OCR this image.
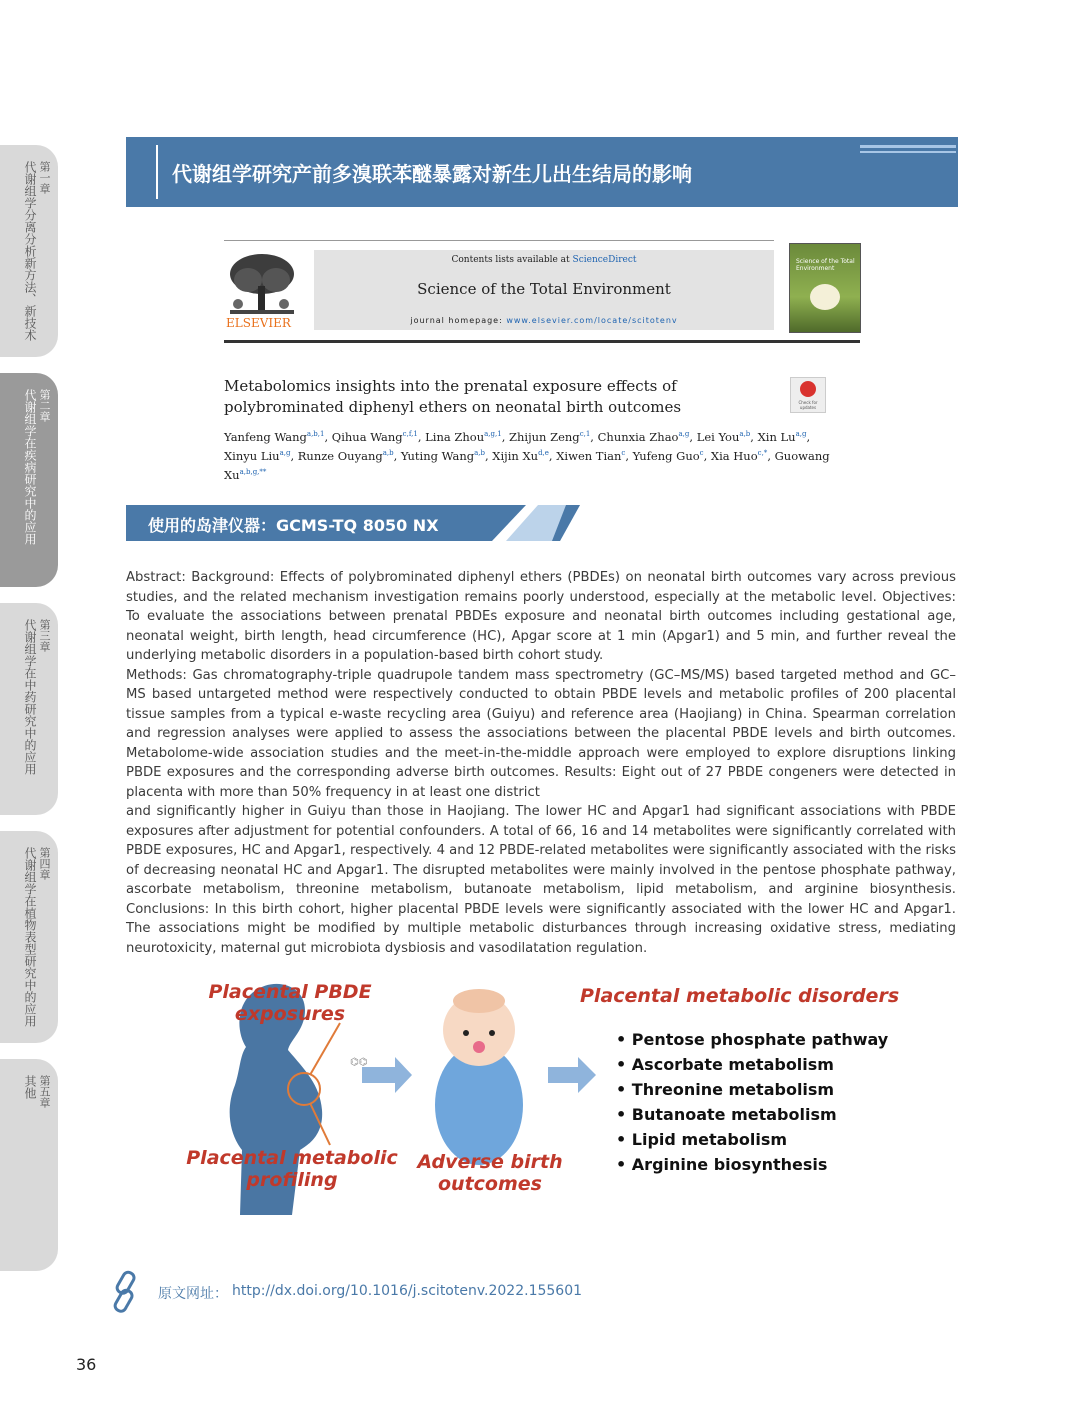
第一章
代谢组学分离分析新方法、新技术
第二章
代谢组学在疾病研究中的应用
第三章
代谢组学在中药研究中的应用
第四章
代谢组学在植物表型研究中的应用
第五章
其他
代谢组学研究产前多溴联苯醚暴露对新生儿出生结局的影响
ELSEVIER
Contents lists available at ScienceDirect
Science of the Total Environment
journal homepage: www.elsevier.com/locate/scitotenv
Science of the Total Environment
Metabolomics insights into the prenatal exposure effects of polybrominated diphenyl ethers on neonatal birth outcomes	Check for updates
Yanfeng Wang$^{a,b,1}$, Qihua Wang$^{c,f,1}$, Lina Zhou$^{a,g,1}$, Zhijun Zeng$^{c,1}$, Chunxia Zhao$^{a,g}$, Lei You$^{a,b}$, Xin Lu$^{a,g}$, Xinyu Liu$^{a,g}$, Runze Ouyang$^{a,b}$, Yuting Wang$^{a,b}$, Xijin Xu$^{d,e}$, Xiwen Tian$^c$, Yufeng Guo$^c$, Xia Huo$^{c,*}$, Guowang $Xu^{a,b,g,**}$
使用的岛津仪器：GCMS-TQ 8050 NX

Abstract: Background: Effects of polybrominated diphenyl ethers (PBDEs) on neonatal birth outcomes vary across previous studies, and the related mechanism investigation remains poorly understood, especially at the metabolic level. Objectives: To evaluate the associations between prenatal PBDEs exposure and neonatal birth outcomes including gestational age, neonatal weight, birth length, head circumference (HC), Apgar score at 1 min (Apgar1) and 5 min, and further reveal the underlying metabolic disorders in a population-based birth cohort study.

Methods: Gas chromatography-triple quadrupole tandem mass spectrometry (GC–MS/MS) based targeted method and GC–MS based untargeted method were respectively conducted to obtain PBDE levels and metabolic profiles of 200 placental tissue samples from a typical e-waste recycling area (Guiyu) and reference area (Haojiang) in China. Spearman correlation and regression analyses were applied to assess the associations between the placental PBDE levels and birth outcomes. Metabolome-wide association studies and the meet-in-the-middle approach were employed to explore disruptions linking PBDE exposures and the corresponding adverse birth outcomes. Results: Eight out of 27 PBDE congeners were detected in placenta with more than 50% frequency in at least one district

and significantly higher in Guiyu than those in Haojiang. The lower HC and Apgar1 had significant associations with PBDE exposures after adjustment for potential confounders. A total of 66, 16 and 14 metabolites were significantly correlated with PBDE exposures, HC and Apgar1, respectively. 4 and 12 PBDE-related metabolites were significantly associated with the risks of decreasing neonatal HC and Apgar1. The disrupted metabolites were mainly involved in the pentose phosphate pathway, ascorbate metabolism, threonine metabolism, butanoate metabolism, lipid metabolism, and arginine biosynthesis. Conclusions: In this birth cohort, higher placental PBDE levels were significantly associated with the lower HC and Apgar1. The associations might be modified by multiple metabolic disturbances through increasing oxidative stress, mediating neurotoxicity, maternal gut microbiota dysbiosis and vasodilatation regulation.

⌬⌬
Placental PBDE
exposures
Placental metabolic
profiling
Adverse birth
outcomes
Placental metabolic disorders
• Pentose phosphate pathway
• Ascorbate metabolism
• Threonine metabolism
• Butanoate metabolism
• Lipid metabolism
• Arginine biosynthesis
原文网址： http://dx.doi.org/10.1016/j.scitotenv.2022.155601
36
